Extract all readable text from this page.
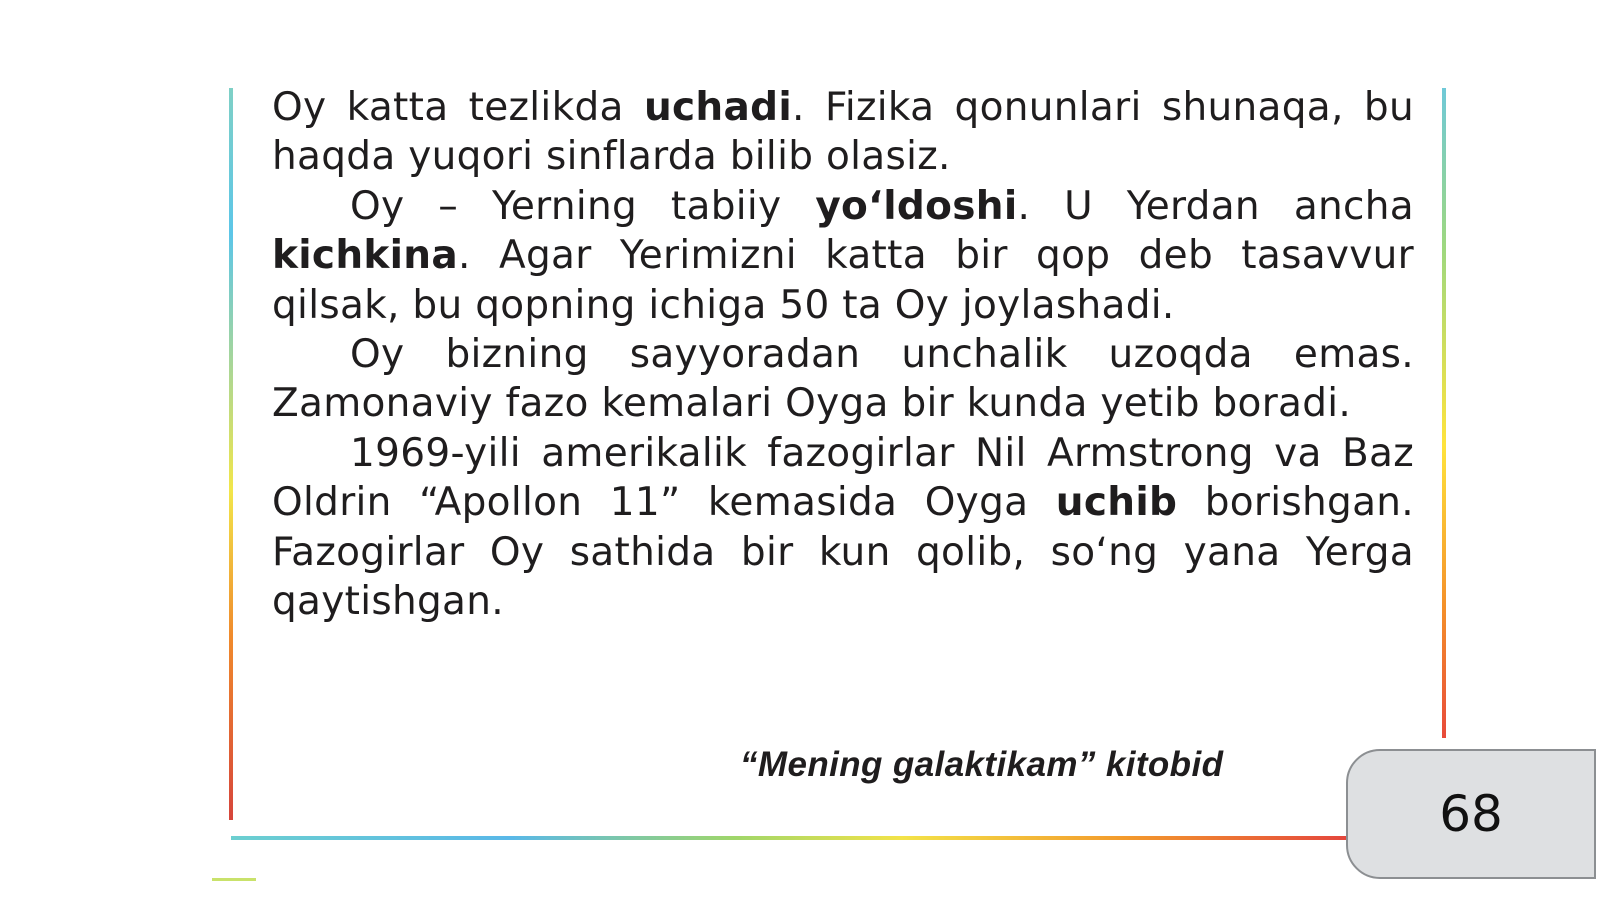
Oy katta tezlikda uchadi. Fizika qonunlari shunaqa, bu haqda yuqori sinflarda bilib olasiz.

Oy – Yerning tabiiy yo‘ldoshi. U Yerdan ancha kichkina. Agar Yerimizni katta bir qop deb tasavvur qilsak, bu qopning ichiga 50 ta Oy joylashadi.

Oy bizning sayyoradan unchalik uzoqda emas. Zamonaviy fazo kemalari Oyga bir kunda yetib boradi.

1969-yili amerikalik fazogirlar Nil Armstrong va Baz Oldrin “Apollon 11” kemasida Oyga uchib borishgan. Fazogirlar Oy sathida bir kun qolib, so‘ng yana Yerga qaytishgan.

“Mening galaktikam” kitobid
68
